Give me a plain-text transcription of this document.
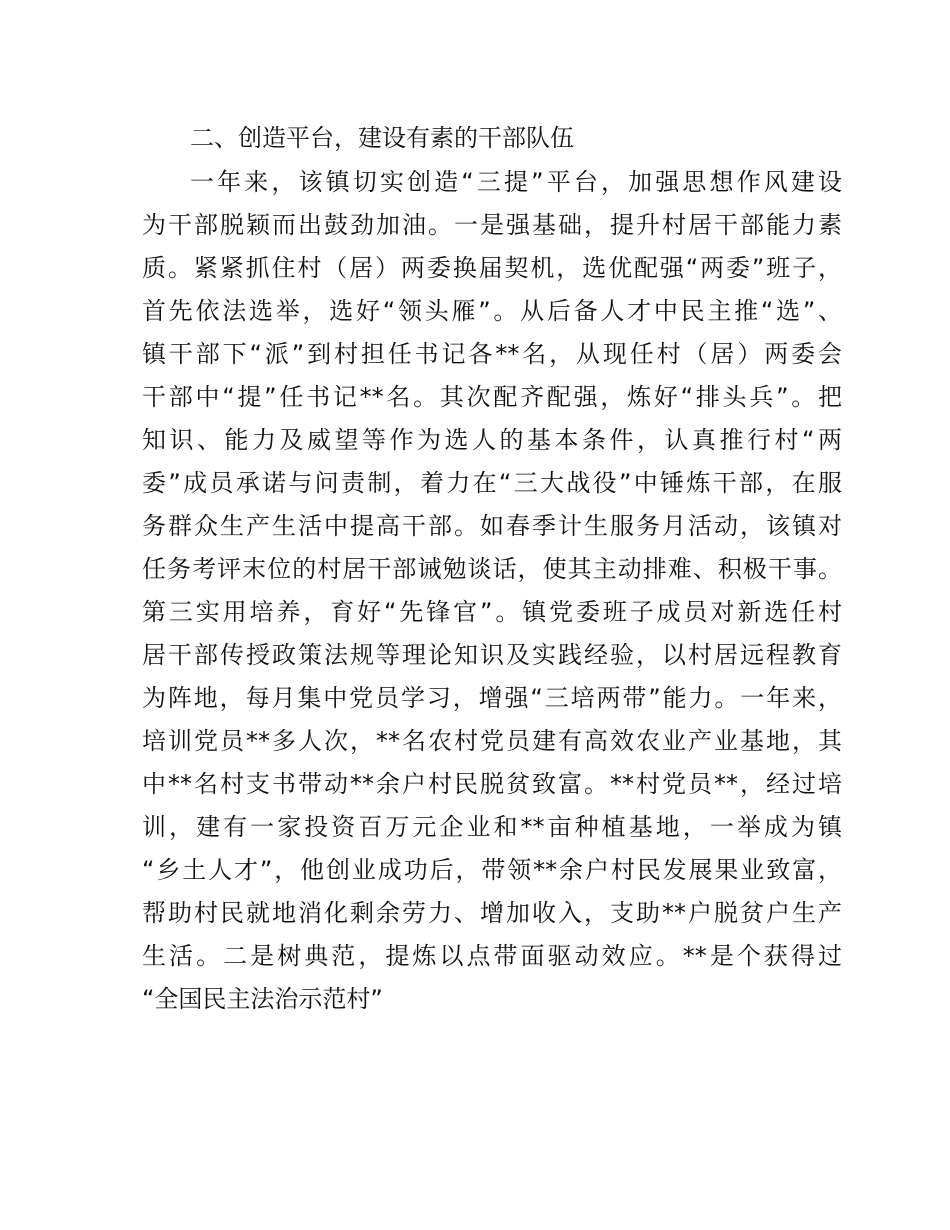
二、创造平台，建设有素的干部队伍
一年来，该镇切实创造“三提”平台，加强思想作风建设
为干部脱颖而出鼓劲加油。一是强基础，提升村居干部能力素
质。紧紧抓住村（居）两委换届契机，选优配强“两委”班子，
首先依法选举，选好“领头雁”。从后备人才中民主推“选”、
镇干部下“派”到村担任书记各**名，从现任村（居）两委会
干部中“提”任书记**名。其次配齐配强，炼好“排头兵”。把
知识、能力及威望等作为选人的基本条件，认真推行村“两
委”成员承诺与问责制，着力在“三大战役”中锤炼干部，在服
务群众生产生活中提高干部。如春季计生服务月活动，该镇对
任务考评末位的村居干部诫勉谈话，使其主动排难、积极干事。
第三实用培养，育好“先锋官”。镇党委班子成员对新选任村
居干部传授政策法规等理论知识及实践经验，以村居远程教育
为阵地，每月集中党员学习，增强“三培两带”能力。一年来，
培训党员**多人次，**名农村党员建有高效农业产业基地，其
中**名村支书带动**余户村民脱贫致富。**村党员**，经过培
训，建有一家投资百万元企业和**亩种植基地，一举成为镇
“乡土人才”，他创业成功后，带领**余户村民发展果业致富，
帮助村民就地消化剩余劳力、增加收入，支助**户脱贫户生产
生活。二是树典范，提炼以点带面驱动效应。**是个获得过
“全国民主法治示范村”
